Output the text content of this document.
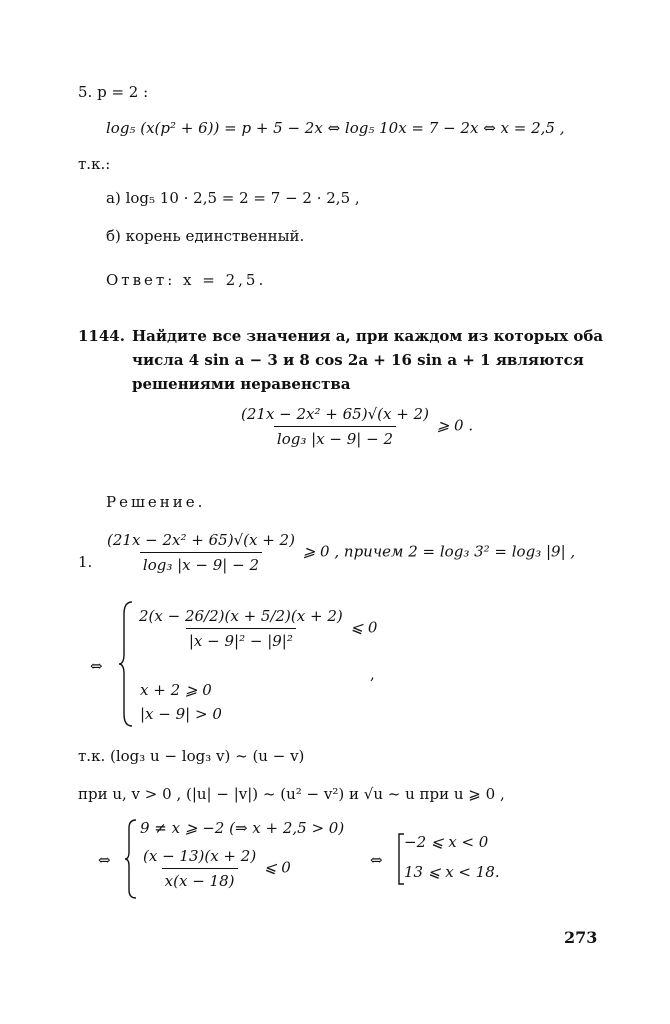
5. p = 2 :
log₅ (x(p² + 6)) = p + 5 − 2x ⇔ log₅ 10x = 7 − 2x ⇔ x = 2,5 ,
т.к.:
а) log₅ 10 · 2,5 = 2 = 7 − 2 · 2,5 ,
б) корень единственный.
Ответ: x = 2,5.
1144. Найдите все значения a, при каждом из которых оба
числа 4 sin a − 3 и 8 cos 2a + 16 sin a + 1 являются
решениями неравенства
$\frac{\text{(21x − 2x² + 65)√(x + 2)}}{\text{log₃ |x − 9| − 2}}$ ⩾ 0 .
Решение.
1. $\frac{\text{(21x − 2x² + 65)√(x + 2)}}{\text{log₃ |x − 9| − 2}}$ ⩾ 0 , причем 2 = log₃ 3² = log₃ |9| ,
⇔
$\frac{2(x - 26/2)(x + 5/2)(x + 2)}{\text{|x − 9|² − |9|²}}$ ⩽ 0
,
x + 2 ⩾ 0
|x − 9| > 0
т.к. (log₃ u − log₃ v) ~ (u − v)
при u, v > 0 , (|u| − |v|) ~ (u² − v²) и √u ~ u при u ⩾ 0 ,
⇔
9 ≠ x ⩾ −2 (⇒ x + 2,5 > 0)
$\frac{(x - 13)(x + 2)}{x(x - 18)}$ ⩽ 0	⇔
−2 ⩽ x < 0
13 ⩽ x < 18.
273
